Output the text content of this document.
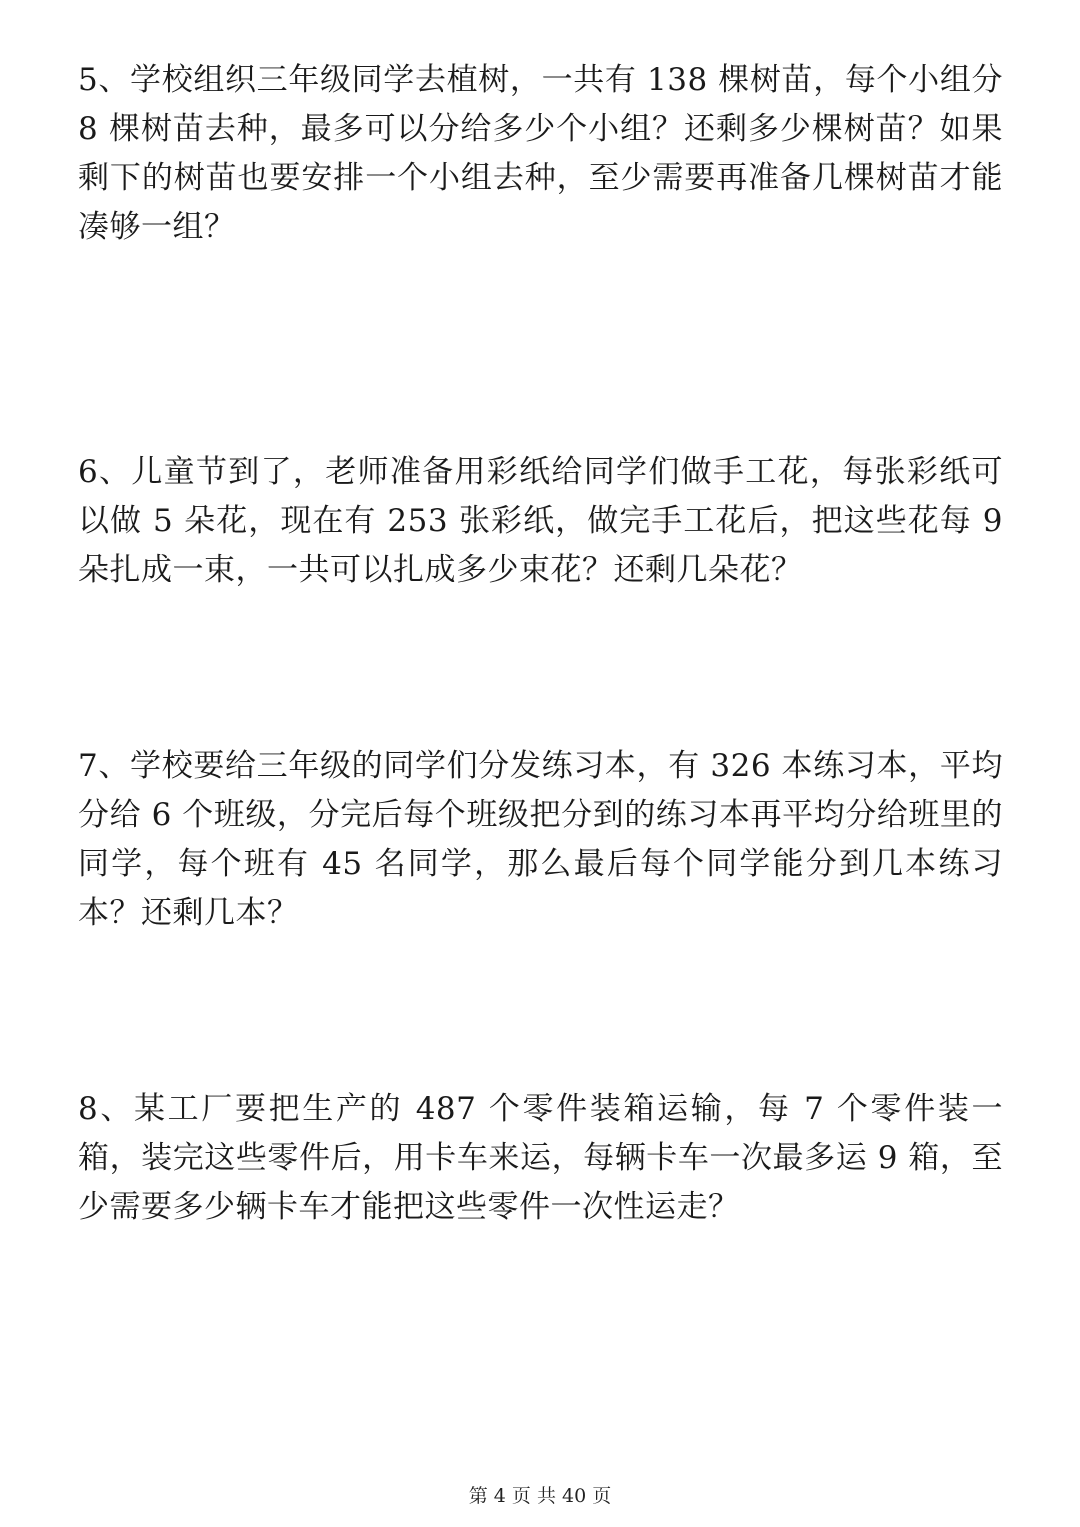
5、学校组织三年级同学去植树，一共有 138 棵树苗，每个小组分 8 棵树苗去种，最多可以分给多少个小组？还剩多少棵树苗？如果剩下的树苗也要安排一个小组去种，至少需要再准备几棵树苗才能凑够一组？

6、儿童节到了，老师准备用彩纸给同学们做手工花，每张彩纸可以做 5 朵花，现在有 253 张彩纸，做完手工花后，把这些花每 9 朵扎成一束，一共可以扎成多少束花？还剩几朵花？

7、学校要给三年级的同学们分发练习本，有 326 本练习本，平均分给 6 个班级，分完后每个班级把分到的练习本再平均分给班里的同学，每个班有 45 名同学，那么最后每个同学能分到几本练习本？还剩几本？

8、某工厂要把生产的 487 个零件装箱运输，每 7 个零件装一箱，装完这些零件后，用卡车来运，每辆卡车一次最多运 9 箱，至少需要多少辆卡车才能把这些零件一次性运走？

第 4 页 共 40 页
